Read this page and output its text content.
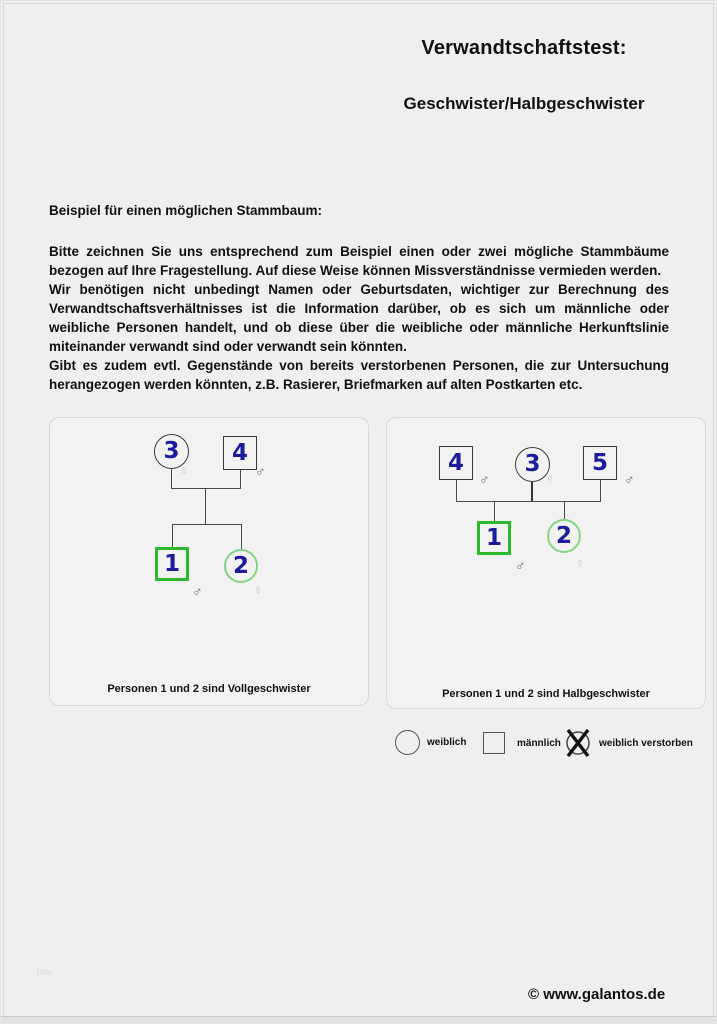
Verwandtschaftstest:
Geschwister/Halbgeschwister
Beispiel für einen möglichen Stammbaum:

Bitte zeichnen Sie uns entsprechend zum Beispiel einen oder zwei mögliche Stammbäume bezogen auf Ihre Fragestellung. Auf diese Weise können Missverständnisse vermieden werden.

Wir benötigen nicht unbedingt Namen oder Geburtsdaten, wichtiger zur Berechnung des Verwandtschaftsverhältnisses ist die Information darüber, ob es sich um männliche oder weibliche Personen handelt, und ob diese über die weibliche oder männliche Herkunftslinie miteinander verwandt sind oder verwandt sein könnten.

Gibt es zudem evtl. Gegenstände von bereits verstorbenen Personen, die zur Untersuchung herangezogen werden könnten, z.B. Rasierer, Briefmarken auf alten Postkarten etc.

3 4
♀	♂
1 2
♂	♀
Personen 1 und 2 sind Vollgeschwister
4	3 5
♂	♀	♂
1 2
♂	♀
Personen 1 und 2 sind Halbgeschwister
weiblich	männlich	weiblich verstorben
http
© www.galantos.de
